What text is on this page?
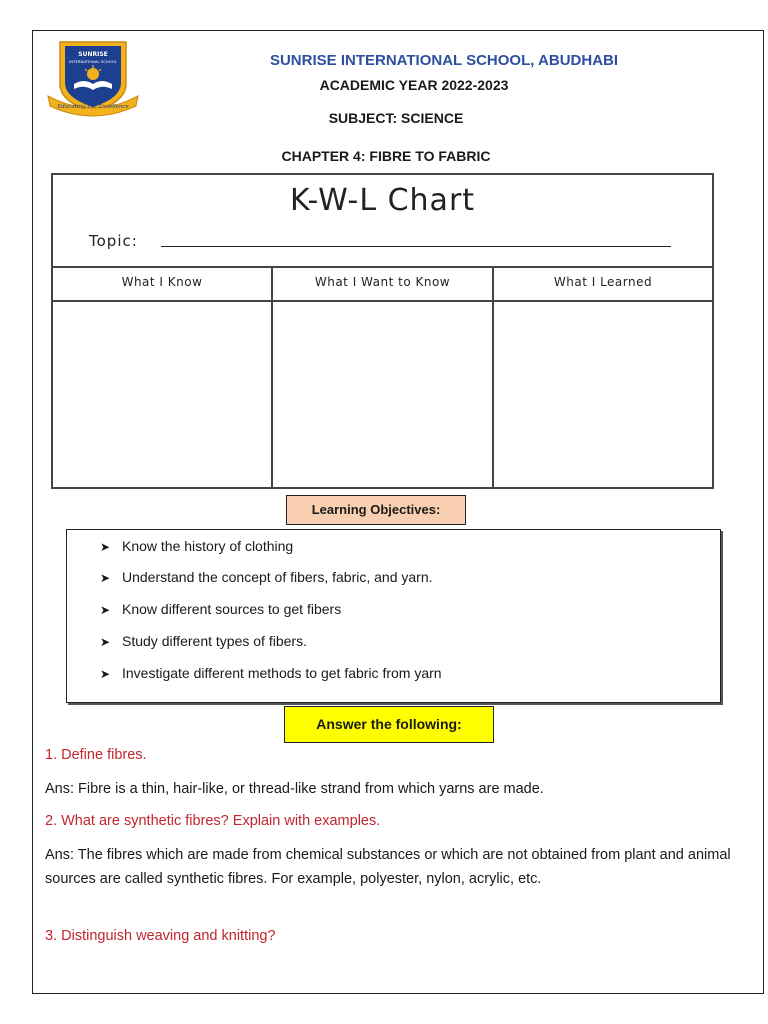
SUNRISE
INTERNATIONAL SCHOOL
Educating For Excellence
SUNRISE INTERNATIONAL SCHOOL, ABUDHABI
ACADEMIC YEAR 2022-2023
SUBJECT: SCIENCE
CHAPTER 4: FIBRE TO FABRIC
K-W-L Chart
Topic:
What I Know	What I Want to Know	What I Learned
Learning Objectives:
➤ Know the history of clothing
➤ Understand the concept of fibers, fabric, and yarn.
➤ Know different sources to get fibers
➤ Study different types of fibers.
➤ Investigate different methods to get fabric from yarn
Answer the following:
1. Define fibres.
Ans: Fibre is a thin, hair-like, or thread-like strand from which yarns are made.
2. What are synthetic fibres? Explain with examples.
Ans: The fibres which are made from chemical substances or which are not obtained from plant and animal sources are called synthetic fibres. For example, polyester, nylon, acrylic, etc.
3. Distinguish weaving and knitting?
